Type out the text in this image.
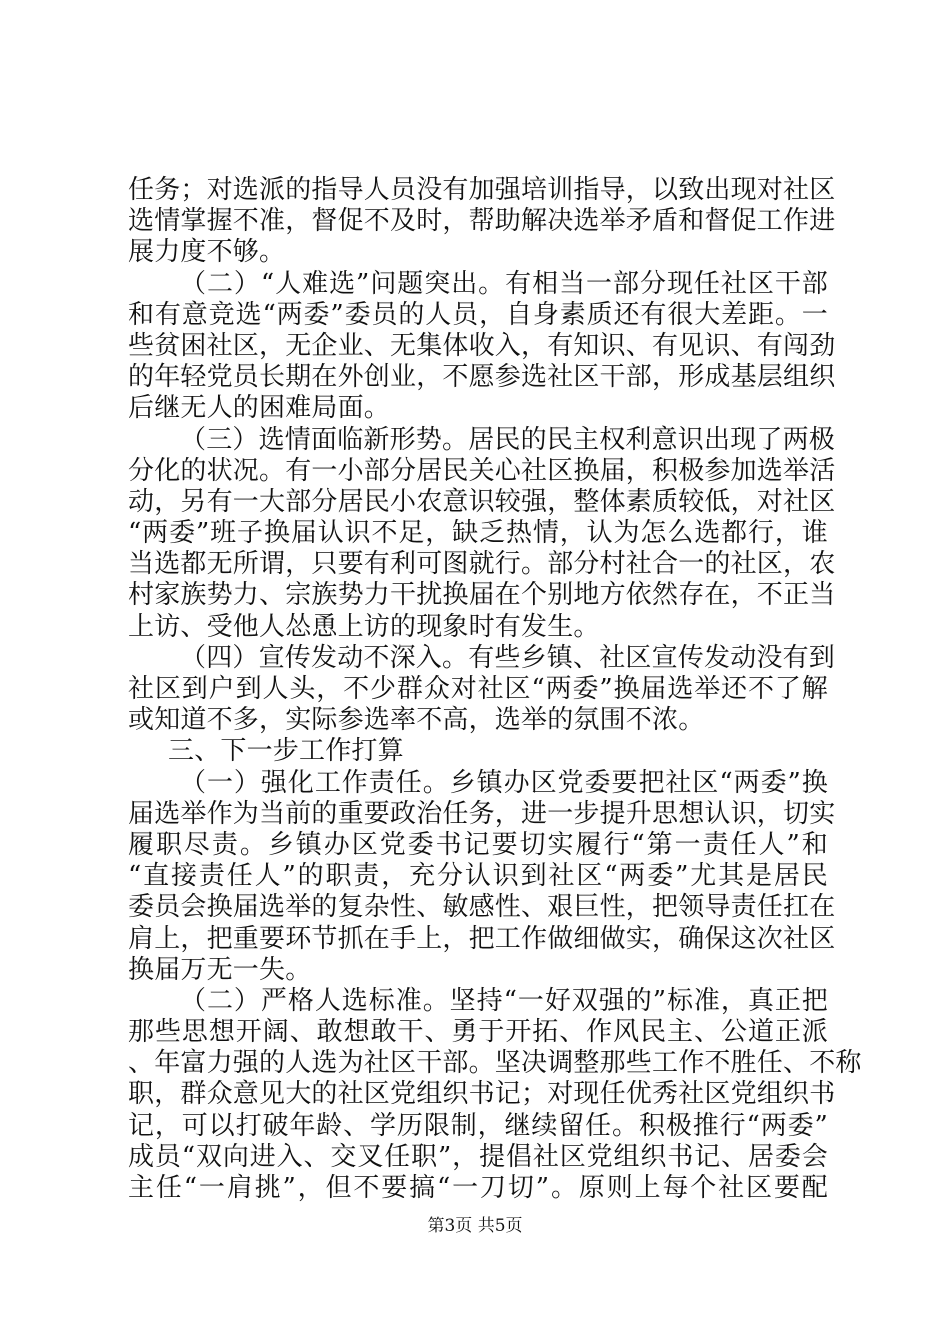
任务；对选派的指导人员没有加强培训指导，以致出现对社区
选情掌握不准，督促不及时，帮助解决选举矛盾和督促工作进
展力度不够。
（二）“人难选”问题突出。有相当一部分现任社区干部
和有意竞选“两委”委员的人员，自身素质还有很大差距。一
些贫困社区，无企业、无集体收入，有知识、有见识、有闯劲
的年轻党员长期在外创业，不愿参选社区干部，形成基层组织
后继无人的困难局面。
（三）选情面临新形势。居民的民主权利意识出现了两极
分化的状况。有一小部分居民关心社区换届，积极参加选举活
动，另有一大部分居民小农意识较强，整体素质较低，对社区
“两委”班子换届认识不足，缺乏热情，认为怎么选都行，谁
当选都无所谓，只要有利可图就行。部分村社合一的社区，农
村家族势力、宗族势力干扰换届在个别地方依然存在，不正当
上访、受他人怂恿上访的现象时有发生。
（四）宣传发动不深入。有些乡镇、社区宣传发动没有到
社区到户到人头，不少群众对社区“两委”换届选举还不了解
或知道不多，实际参选率不高，选举的氛围不浓。
三、下一步工作打算
（一）强化工作责任。乡镇办区党委要把社区“两委”换
届选举作为当前的重要政治任务，进一步提升思想认识，切实
履职尽责。乡镇办区党委书记要切实履行“第一责任人”和
“直接责任人”的职责，充分认识到社区“两委”尤其是居民
委员会换届选举的复杂性、敏感性、艰巨性，把领导责任扛在
肩上，把重要环节抓在手上，把工作做细做实，确保这次社区
换届万无一失。
（二）严格人选标准。坚持“一好双强的”标准，真正把
那些思想开阔、敢想敢干、勇于开拓、作风民主、公道正派
、年富力强的人选为社区干部。坚决调整那些工作不胜任、不称
职，群众意见大的社区党组织书记；对现任优秀社区党组织书
记，可以打破年龄、学历限制，继续留任。积极推行“两委”
成员“双向进入、交叉任职”，提倡社区党组织书记、居委会
主任“一肩挑”，但不要搞“一刀切”。原则上每个社区要配
第3页 共5页
